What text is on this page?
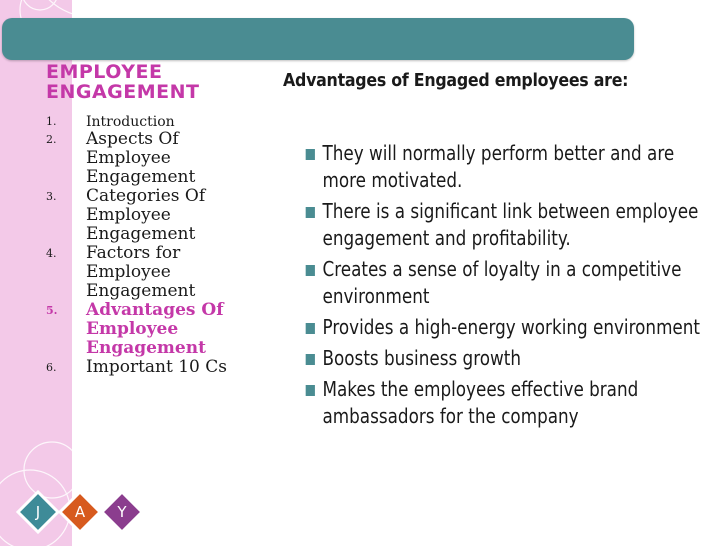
EMPLOYEE
ENGAGEMENT
1.	Introduction
2.	Aspects Of Employee Engagement
3.	Categories Of Employee Engagement
4.	Factors for Employee Engagement
5.	Advantages Of Employee Engagement
6.	Important 10 Cs
Advantages of Engaged employees are:
They will normally perform better and are more motivated.
There is a significant link between employee engagement and profitability.
Creates a sense of loyalty in a competitive environment
Provides a high-energy working environment
Boosts business growth
Makes the employees effective brand ambassadors for the company
J	A	Y
